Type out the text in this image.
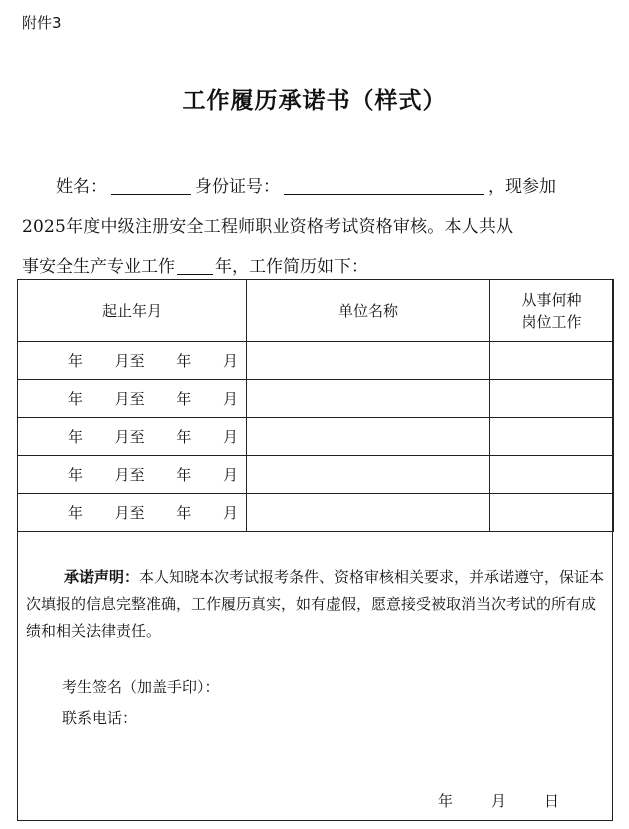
附件3
工作履历承诺书（样式）
姓名：	身份证号：	，现参加
2025年度中级注册安全工程师职业资格考试资格审核。本人共从
事安全生产专业工作 年，工作简历如下：
起止年月	单位名称	从事何种
岗位工作

年 月至 年 月		

年 月至 年 月		

年 月至 年 月		

年 月至 年 月		

年 月至 年 月		

承诺声明：本人知晓本次考试报考条件、资格审核相关要求，并承诺遵守，保证本次填报的信息完整准确，工作履历真实，如有虚假，愿意接受被取消当次考试的所有成绩和相关法律责任。
考生签名（加盖手印）：
联系电话：
年	月	日
